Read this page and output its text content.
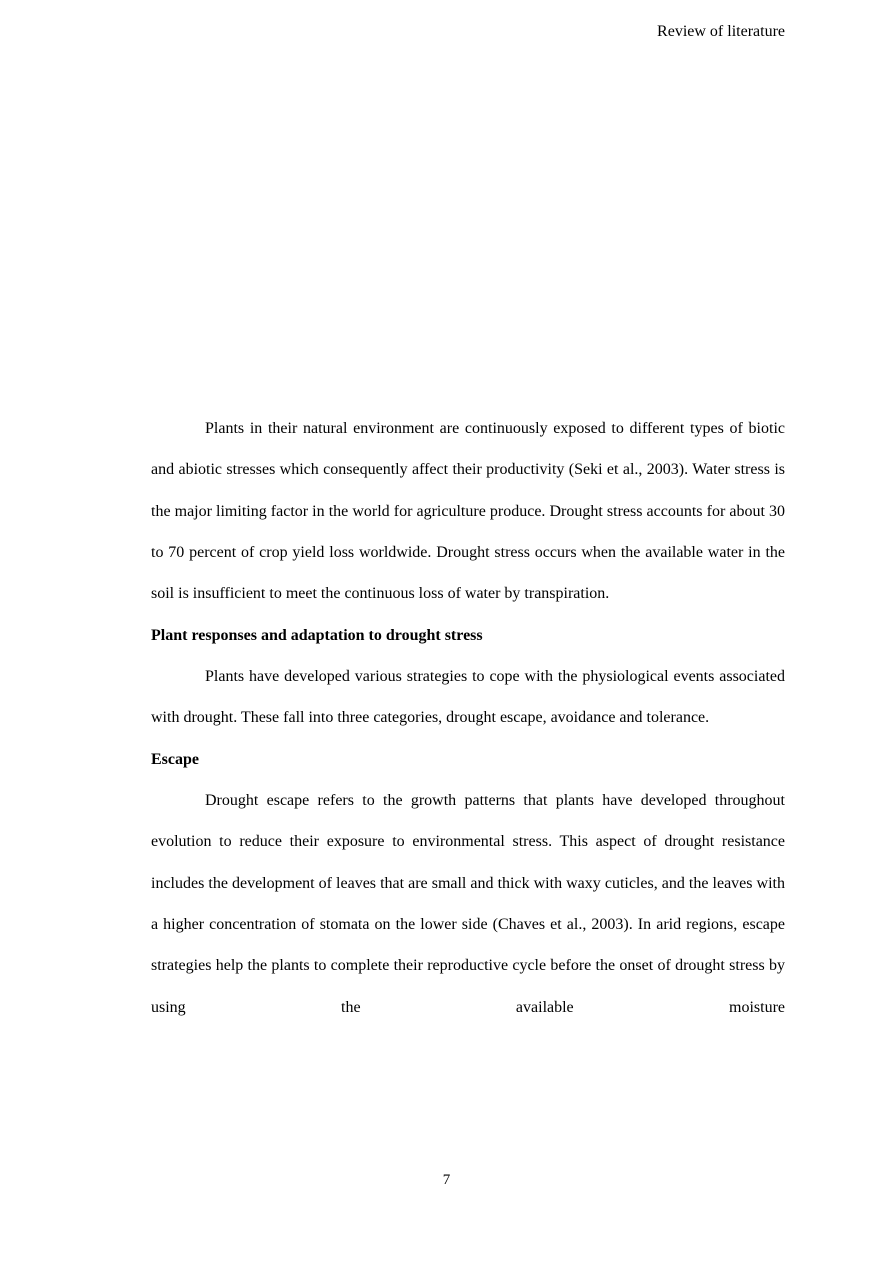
Review of literature

Plants in their natural environment are continuously exposed to different types of biotic and abiotic stresses which consequently affect their productivity (Seki et al., 2003). Water stress is the major limiting factor in the world for agriculture produce. Drought stress accounts for about 30 to 70 percent of crop yield loss worldwide. Drought stress occurs when the available water in the soil is insufficient to meet the continuous loss of water by transpiration.

Plant responses and adaptation to drought stress

Plants have developed various strategies to cope with the physiological events associated with drought. These fall into three categories, drought escape, avoidance and tolerance.

Escape

Drought escape refers to the growth patterns that plants have developed throughout evolution to reduce their exposure to environmental stress. This aspect of drought resistance includes the development of leaves that are small and thick with waxy cuticles, and the leaves with a higher concentration of stomata on the lower side (Chaves et al., 2003). In arid regions, escape strategies help the plants to complete their reproductive cycle before the onset of drought stress by using the available moisture

7
